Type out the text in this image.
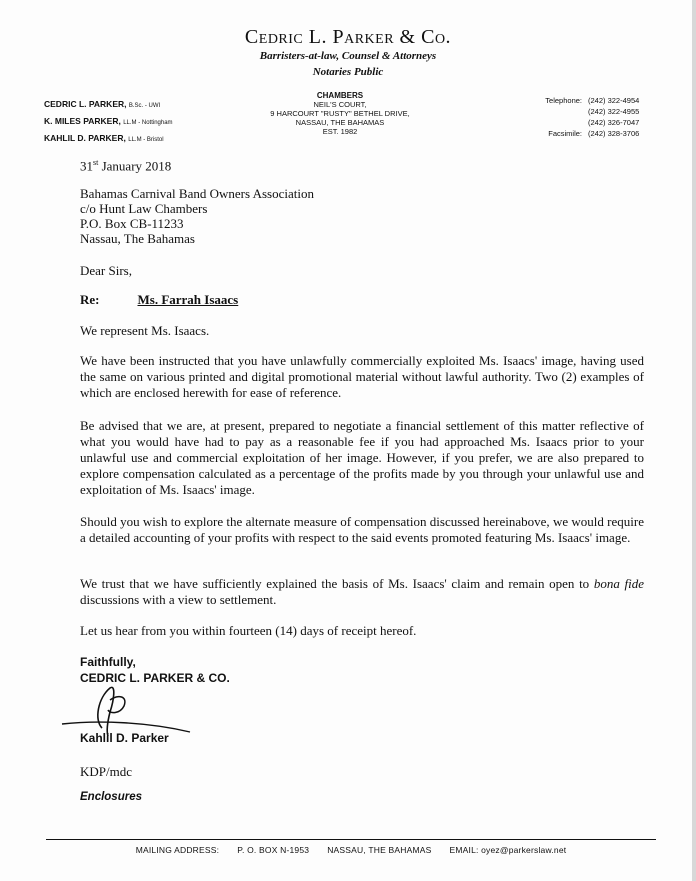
Cedric L. Parker & Co.
Barristers-at-law, Counsel & Attorneys
Notaries Public
CEDRIC L. PARKER, B.Sc. - UWI
K. MILES PARKER, LL.M - Nottingham
KAHLIL D. PARKER, LL.M - Bristol
CHAMBERS
NEIL'S COURT,
9 HARCOURT "RUSTY" BETHEL DRIVE,
NASSAU, THE BAHAMAS
EST. 1982
Telephone: (242) 322-4954
(242) 322-4955
(242) 326-7047
Facsimile: (242) 328-3706
31st January 2018
Bahamas Carnival Band Owners Association
c/o Hunt Law Chambers
P.O. Box CB-11233
Nassau, The Bahamas
Dear Sirs,
Re:	Ms. Farrah Isaacs
We represent Ms. Isaacs.
We have been instructed that you have unlawfully commercially exploited Ms. Isaacs' image, having used the same on various printed and digital promotional material without lawful authority. Two (2) examples of which are enclosed herewith for ease of reference.
Be advised that we are, at present, prepared to negotiate a financial settlement of this matter reflective of what you would have had to pay as a reasonable fee if you had approached Ms. Isaacs prior to your unlawful use and commercial exploitation of her image. However, if you prefer, we are also prepared to explore compensation calculated as a percentage of the profits made by you through your unlawful use and exploitation of Ms. Isaacs' image.
Should you wish to explore the alternate measure of compensation discussed hereinabove, we would require a detailed accounting of your profits with respect to the said events promoted featuring Ms. Isaacs' image.
We trust that we have sufficiently explained the basis of Ms. Isaacs' claim and remain open to bona fide discussions with a view to settlement.
Let us hear from you within fourteen (14) days of receipt hereof.
Faithfully,
CEDRIC L. PARKER & CO.
Kahlil D. Parker
KDP/mdc
Enclosures
MAILING ADDRESS: P. O. BOX N-1953 NASSAU, THE BAHAMAS EMAIL: oyez@parkerslaw.net
